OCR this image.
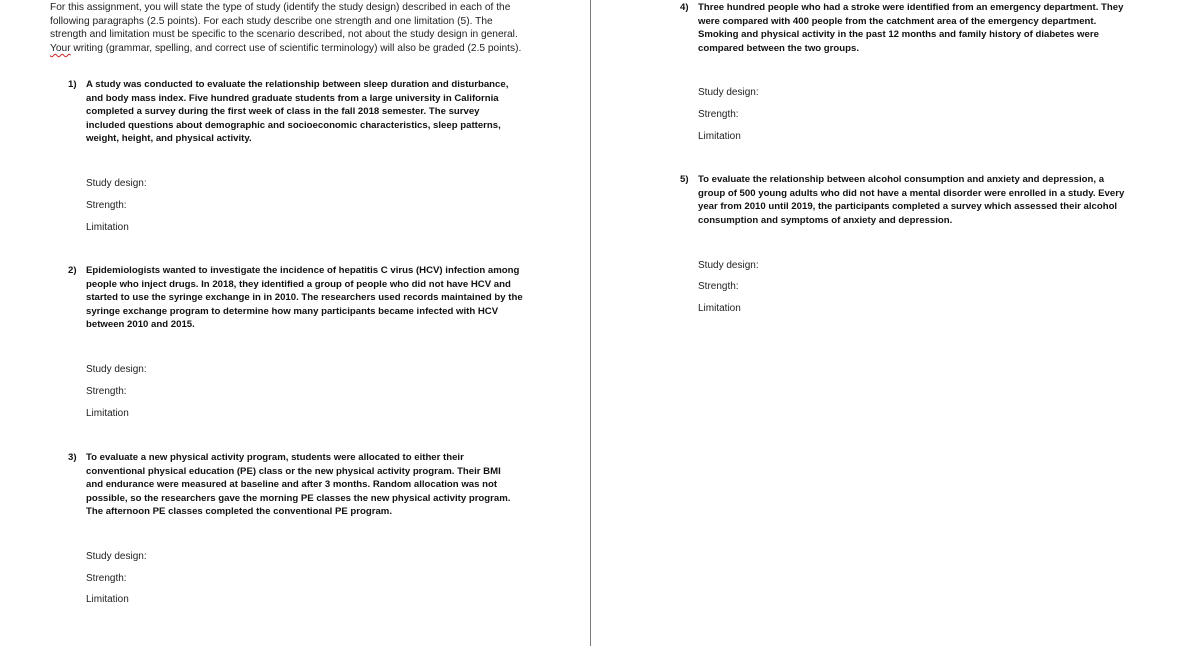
For this assignment, you will state the type of study (identify the study design) described in each of the following paragraphs (2.5 points). For each study describe one strength and one limitation (5). The strength and limitation must be specific to the scenario described, not about the study design in general. Your writing (grammar, spelling, and correct use of scientific terminology) will also be graded (2.5 points).
1) A study was conducted to evaluate the relationship between sleep duration and disturbance, and body mass index. Five hundred graduate students from a large university in California completed a survey during the first week of class in the fall 2018 semester. The survey included questions about demographic and socioeconomic characteristics, sleep patterns, weight, height, and physical activity.
Study design:
Strength:
Limitation
2) Epidemiologists wanted to investigate the incidence of hepatitis C virus (HCV) infection among people who inject drugs. In 2018, they identified a group of people who did not have HCV and started to use the syringe exchange in in 2010. The researchers used records maintained by the syringe exchange program to determine how many participants became infected with HCV between 2010 and 2015.
Study design:
Strength:
Limitation
3) To evaluate a new physical activity program, students were allocated to either their conventional physical education (PE) class or the new physical activity program. Their BMI and endurance were measured at baseline and after 3 months. Random allocation was not possible, so the researchers gave the morning PE classes the new physical activity program. The afternoon PE classes completed the conventional PE program.
Study design:
Strength:
Limitation
4) Three hundred people who had a stroke were identified from an emergency department. They were compared with 400 people from the catchment area of the emergency department. Smoking and physical activity in the past 12 months and family history of diabetes were compared between the two groups.
Study design:
Strength:
Limitation
5) To evaluate the relationship between alcohol consumption and anxiety and depression, a group of 500 young adults who did not have a mental disorder were enrolled in a study. Every year from 2010 until 2019, the participants completed a survey which assessed their alcohol consumption and symptoms of anxiety and depression.
Study design:
Strength:
Limitation
